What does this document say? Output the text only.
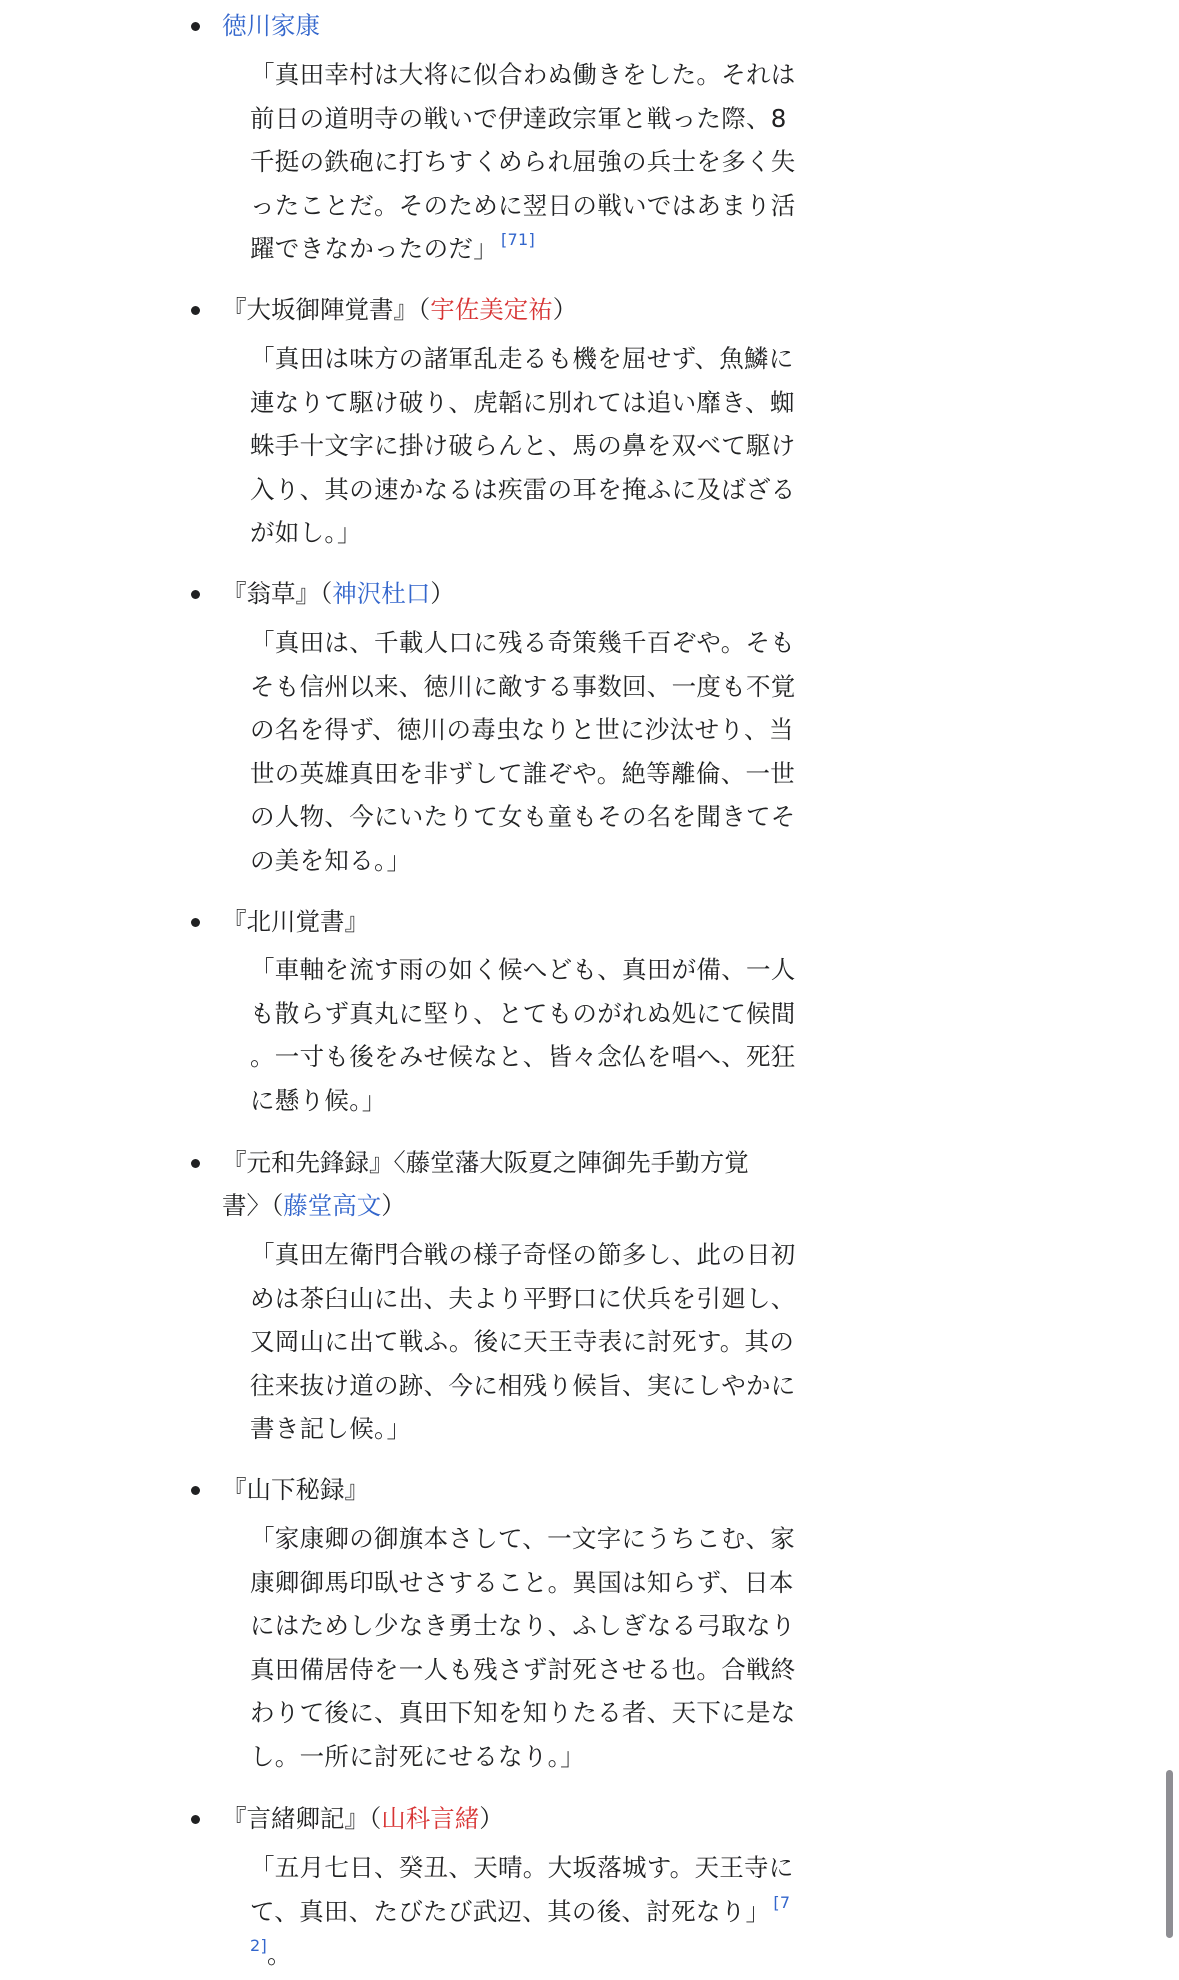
徳川家康
「真田幸村は大将に似合わぬ働きをした。それは前日の道明寺の戦いで伊達政宗軍と戦った際、8千挺の鉄砲に打ちすくめられ屈強の兵士を多く失ったことだ。そのために翌日の戦いではあまり活躍できなかったのだ」 [71]
『大坂御陣覚書』（宇佐美定祐）
「真田は味方の諸軍乱走るも機を屈せず、魚鱗に連なりて駆け破り、虎韜に別れては追い靡き、蜘蛛手十文字に掛け破らんと、馬の鼻を双べて駆け入り、其の速かなるは疾雷の耳を掩ふに及ばざるが如し。」
『翁草』（神沢杜口）
「真田は、千載人口に残る奇策幾千百ぞや。そもそも信州以来、徳川に敵する事数回、一度も不覚の名を得ず、徳川の毒虫なりと世に沙汰せり、当世の英雄真田を非ずして誰ぞや。絶等離倫、一世の人物、今にいたりて女も童もその名を聞きてその美を知る。」
『北川覚書』
「車軸を流す雨の如く候へども、真田が備、一人も散らず真丸に堅り、とてものがれぬ処にて候間。一寸も後をみせ候なと、皆々念仏を唱へ、死狂に懸り候。」
『元和先鋒録』〈藤堂藩大阪夏之陣御先手勤方覚書〉（藤堂高文）
「真田左衛門合戦の様子奇怪の節多し、此の日初めは茶臼山に出、夫より平野口に伏兵を引廻し、又岡山に出て戦ふ。後に天王寺表に討死す。其の往来抜け道の跡、今に相残り候旨、実にしやかに書き記し候。」
『山下秘録』
「家康卿の御旗本さして、一文字にうちこむ、家康卿御馬印臥せさすること。異国は知らず、日本にはためし少なき勇士なり、ふしぎなる弓取なり真田備居侍を一人も残さず討死させる也。合戦終わりて後に、真田下知を知りたる者、天下に是なし。一所に討死にせるなり。」
『言緒卿記』（山科言緒）
「五月七日、癸丑、天晴。大坂落城す。天王寺にて、真田、たびたび武辺、其の後、討死なり」 [72]。
